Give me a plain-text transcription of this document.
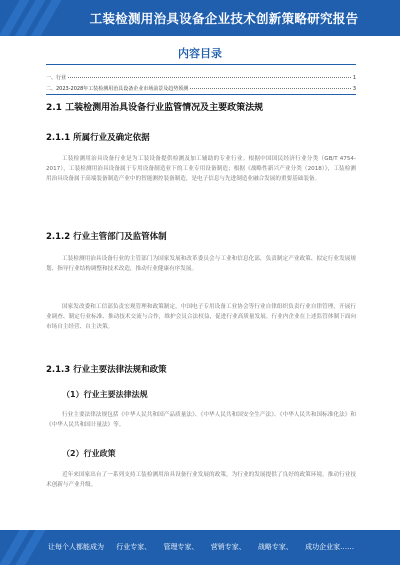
工装检测用治具设备企业技术创新策略研究报告
内容目录
一、行业	1
二、2023-2028年工装检测用治具设备企业市场前景及趋势预测	3
2.1 工装检测用治具设备行业监管情况及主要政策法规
2.1.1 所属行业及确定依据

工装检测用治具设备行业是为工装设备提供检测及加工辅助的专业行业。根据中国国民经济行业分类（GB/T 4754-2017），工装检测用治具设备属于专用设备制造业下的工业专用设备制造；根据《战略性新兴产业分类（2018）》，工装检测用治具设备属于高端装备制造产业中的智能测控装备制造，是电子信息与先进制造业融合发展的重要基础装备。

2.1.2 行业主管部门及监管体制

工装检测用治具设备行业的主管部门为国家发展和改革委员会与工业和信息化部，负责制定产业政策、拟定行业发展规划、指导行业结构调整和技术改造，推动行业健康有序发展。

国家发改委和工信部负责宏观管理和政策制定，中国电子专用设备工业协会等行业自律组织负责行业自律管理，开展行业调查、制定行业标准、推动技术交流与合作，维护会员合法权益，促进行业高质量发展。行业内企业在上述监管体制下面向市场自主经营、自主决策。

2.1.3 行业主要法律法规和政策
（1）行业主要法律法规

行业主要法律法规包括《中华人民共和国产品质量法》、《中华人民共和国安全生产法》、《中华人民共和国标准化法》和《中华人民共和国计量法》等。

（2）行业政策

近年来国家出台了一系列支持工装检测用治具设备行业发展的政策，为行业的发展提供了良好的政策环境，推动行业技术创新与产业升级。

让每个人都能成为 行业专家、 管理专家、 营销专家、 战略专家、 成功企业家……
